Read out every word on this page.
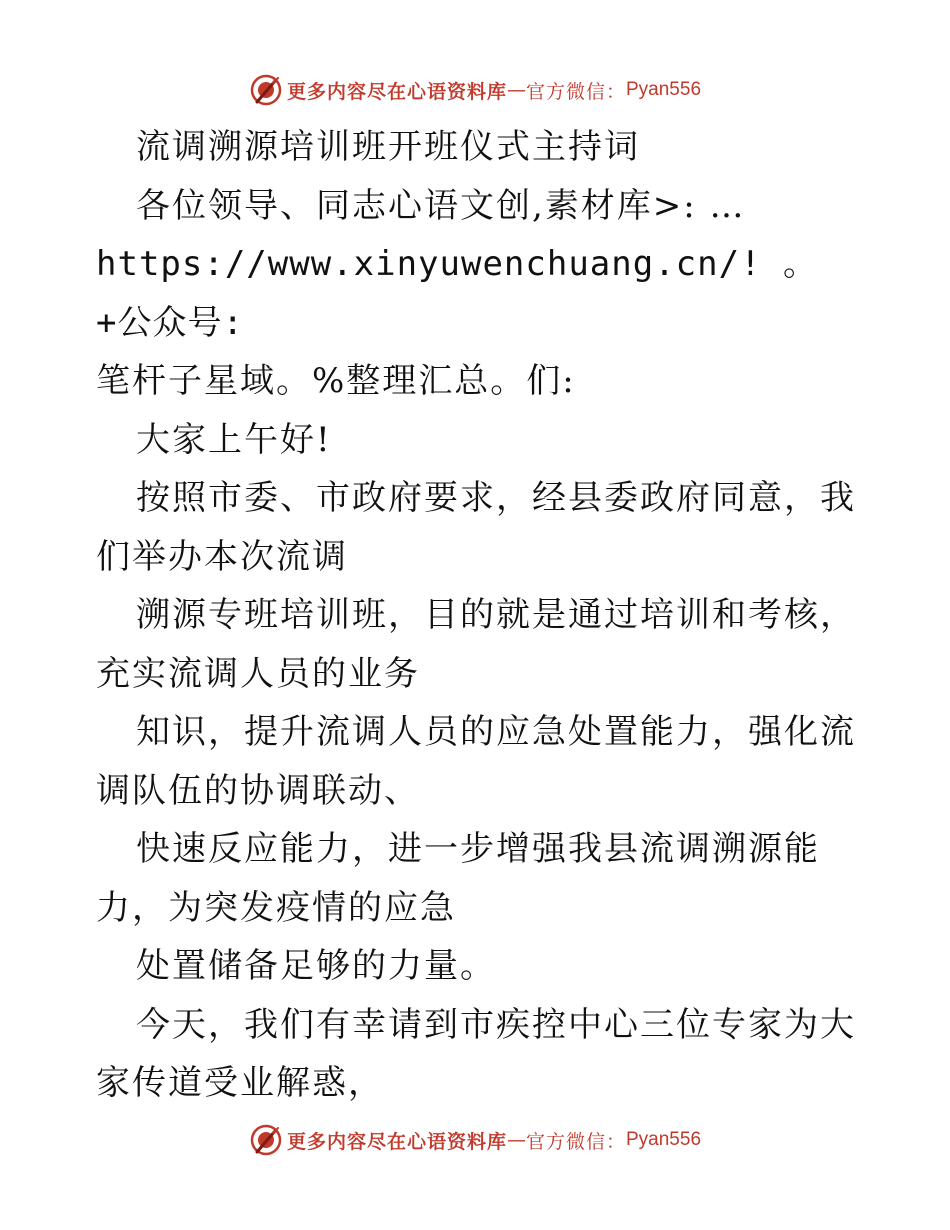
更多内容尽在心语资料库 — 官方微信： Pyan556

流调溯源培训班开班仪式主持词

各位领导、同志心语文创,素材库>: …

https://www.xinyuwenchuang.cn/! 。+公众号:

笔杆子星域。%整理汇总。们:

大家上午好!

按照市委、市政府要求，经县委政府同意，我们举办本次流调

溯源专班培训班，目的就是通过培训和考核，充实流调人员的业务

知识，提升流调人员的应急处置能力，强化流调队伍的协调联动、

快速反应能力，进一步增强我县流调溯源能力，为突发疫情的应急

处置储备足够的力量。

今天，我们有幸请到市疾控中心三位专家为大家传道受业解惑，

更多内容尽在心语资料库 — 官方微信： Pyan556
